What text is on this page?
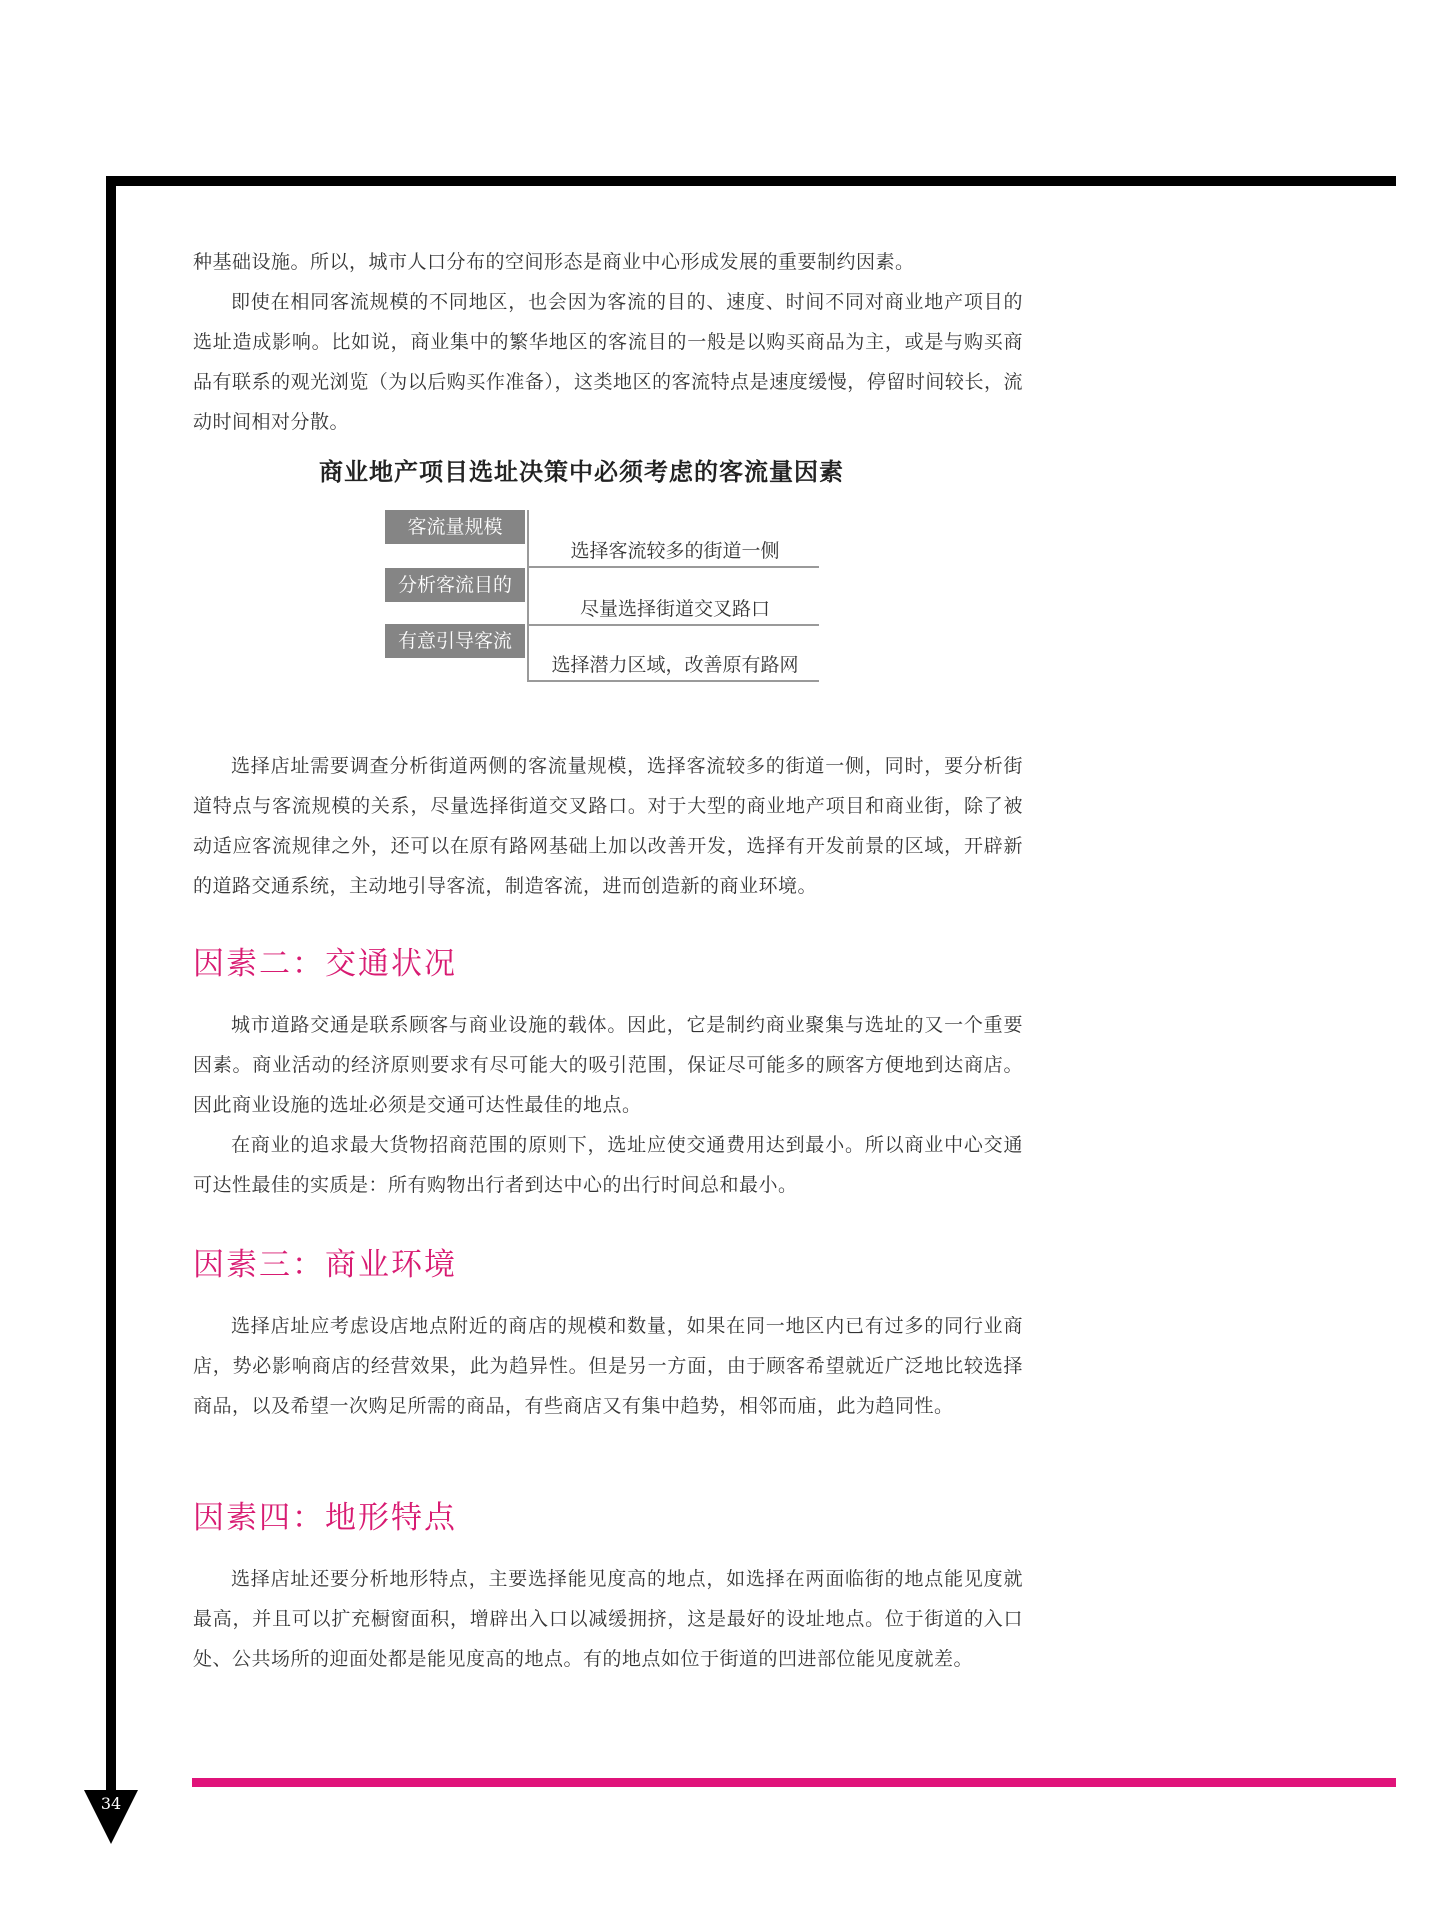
34

种基础设施。所以，城市人口分布的空间形态是商业中心形成发展的重要制约因素。

即使在相同客流规模的不同地区，也会因为客流的目的、速度、时间不同对商业地产项目的选址造成影响。比如说，商业集中的繁华地区的客流目的一般是以购买商品为主，或是与购买商品有联系的观光浏览（为以后购买作准备），这类地区的客流特点是速度缓慢，停留时间较长，流动时间相对分散。

商业地产项目选址决策中必须考虑的客流量因素
客流量规模
选择客流较多的街道一侧
分析客流目的
尽量选择街道交叉路口
有意引导客流
选择潜力区域，改善原有路网

选择店址需要调查分析街道两侧的客流量规模，选择客流较多的街道一侧，同时，要分析街道特点与客流规模的关系，尽量选择街道交叉路口。对于大型的商业地产项目和商业街，除了被动适应客流规律之外，还可以在原有路网基础上加以改善开发，选择有开发前景的区域，开辟新的道路交通系统，主动地引导客流，制造客流，进而创造新的商业环境。

因素二：交通状况

城市道路交通是联系顾客与商业设施的载体。因此，它是制约商业聚集与选址的又一个重要因素。商业活动的经济原则要求有尽可能大的吸引范围，保证尽可能多的顾客方便地到达商店。因此商业设施的选址必须是交通可达性最佳的地点。

在商业的追求最大货物招商范围的原则下，选址应使交通费用达到最小。所以商业中心交通可达性最佳的实质是：所有购物出行者到达中心的出行时间总和最小。

因素三：商业环境

选择店址应考虑设店地点附近的商店的规模和数量，如果在同一地区内已有过多的同行业商店，势必影响商店的经营效果，此为趋异性。但是另一方面，由于顾客希望就近广泛地比较选择商品，以及希望一次购足所需的商品，有些商店又有集中趋势，相邻而庙，此为趋同性。

因素四：地形特点

选择店址还要分析地形特点，主要选择能见度高的地点，如选择在两面临街的地点能见度就最高，并且可以扩充橱窗面积，增辟出入口以减缓拥挤，这是最好的设址地点。位于街道的入口处、公共场所的迎面处都是能见度高的地点。有的地点如位于街道的凹进部位能见度就差。
